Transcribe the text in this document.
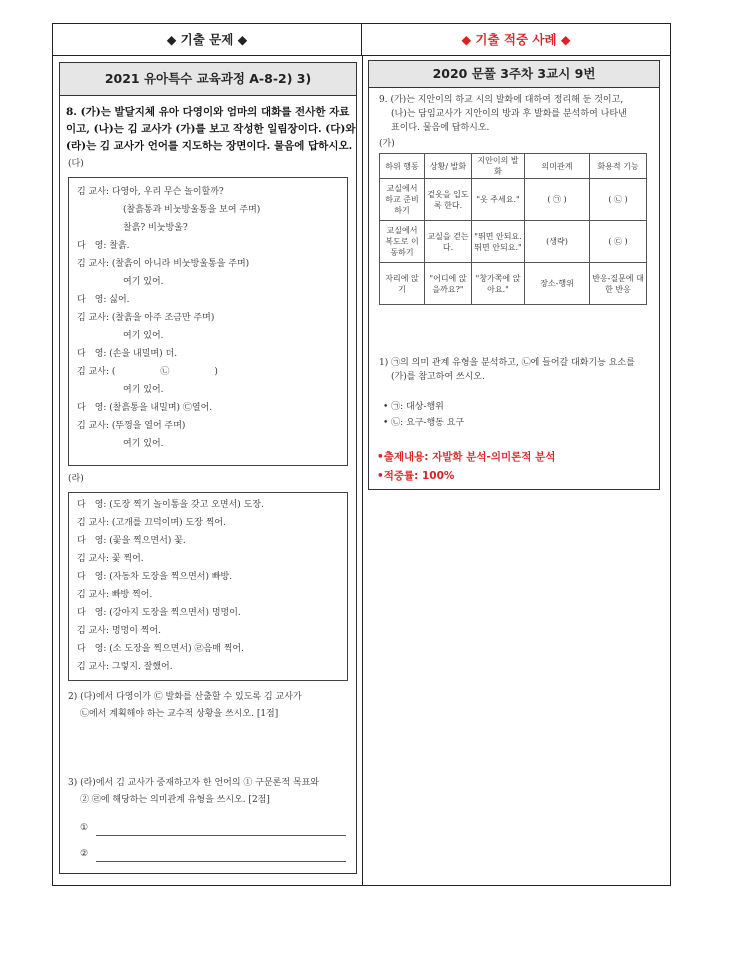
◆ 기출 문제 ◆	◆ 기출 적중 사례 ◆
2021 유아특수 교육과정 A-8-2) 3)
8. (가)는 발달지체 유아 다영이와 엄마의 대화를 전사한 자료
이고, (나)는 김 교사가 (가)를 보고 작성한 일림장이다. (다)와
(라)는 김 교사가 언어를 지도하는 장면이다. 물음에 답하시오.
(다)
김 교사: 다영아, 우리 무슨 놀이할까?
(찰흙통과 비눗방울통을 보여 주며)
찰흙? 비눗방울?
다　영: 찰흙.
김 교사: (찰흙이 아니라 비눗방울통을 주며)
여기 있어.
다　영: 싫어.
김 교사: (찰흙을 아주 조금만 주며)
여기 있어.
다　영: (손을 내밀며) 더.
김 교사: (　　　　　㉡　　　　　)
여기 있어.
다　영: (찰흙통을 내밀며) ㉢열어.
김 교사: (뚜껑을 열어 주며)
여기 있어.
(라)
다　영: (도장 찍기 놀이통을 갖고 오면서) 도장.
김 교사: (고개를 끄덕이며) 도장 찍어.
다　영: (꽃을 찍으면서) 꽃.
김 교사: 꽃 찍어.
다　영: (자동차 도장을 찍으면서) 빠방.
김 교사: 빠방 찍어.
다　영: (강아지 도장을 찍으면서) 멍멍이.
김 교사: 멍멍이 찍어.
다　영: (소 도장을 찍으면서) ㉣음매 찍어.
김 교사: 그렇지. 잘했어.
2) (다)에서 다영이가 ㉢ 발화를 산출할 수 있도록 김 교사가
㉡에서 계획해야 하는 교수적 상황을 쓰시오. [1점]
3) (라)에서 김 교사가 중재하고자 한 언어의 ① 구문론적 목표와
② ㉣에 해당하는 의미관계 유형을 쓰시오. [2점]
①
②
2020 문풀 3주차 3교시 9번
9. (가)는 지안이의 하교 시의 발화에 대하여 정리해 둔 것이고,
(나)는 담임교사가 지안이의 방과 후 발화를 분석하여 나타낸
표이다. 물음에 답하시오.
(가)
하위 행동	상황/ 발화	지안이의 발화	의미관계	화용적 기능
교실에서 하교 준비하기	겉옷을 입도록 한다.	"옷 주세요."	( ㉠ )	( ㉡ )
교실에서 복도로 이동하기	교실을 걷는다.	"뛰면 안되요. 뛰면 안되요."	(생략)	( ㉢ )
자리에 앉기	"어디에 앉을까요?"	"창가쪽에 앉아요."	장소-행위	반응-질문에 대한 반응
1) ㉠의 의미 관계 유형을 분석하고, ㉡에 들어갈 대화기능 요소를
(가)를 참고하여 쓰시오.
• ㉠: 대상-행위
• ㉡: 요구-행동 요구
•출제내용: 자발화 분석-의미론적 분석
•적중률: 100%
